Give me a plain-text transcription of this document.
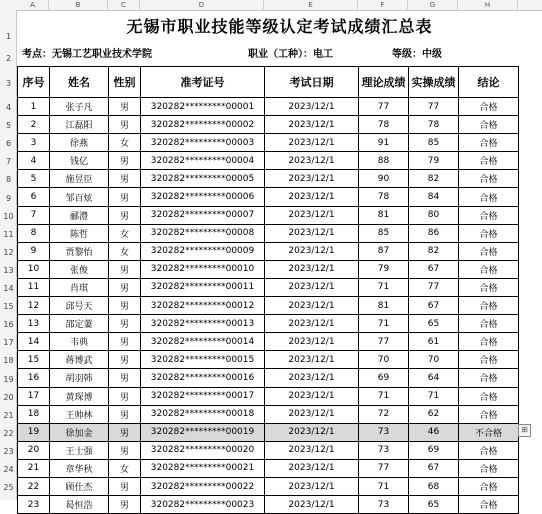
A	B	C	D	E	F	G	H
1
2
3
4
5
6
7
8
9
10
11
12
13
14
15
16
17
18
19
20
21
22
23
24
25
无锡市职业技能等级认定考试成绩汇总表
考点：无锡工艺职业技术学院	职业（工种）：电工	等级：中级
序号	姓名	性别	准考证号	考试日期	理论成绩	实操成绩	结论
1	张子凡	男	320282*********00001	2023/12/1	77	77	合格
2	江磊阳	男	320282*********00002	2023/12/1	78	78	合格
3	徐燕	女	320282*********00003	2023/12/1	91	85	合格
4	钱亿	男	320282*********00004	2023/12/1	88	79	合格
5	施昱臣	男	320282*********00005	2023/12/1	90	82	合格
6	邹百炫	男	320282*********00006	2023/12/1	78	84	合格
7	郦澧	男	320282*********00007	2023/12/1	81	80	合格
8	陈哲	女	320282*********00008	2023/12/1	85	86	合格
9	贾黎怡	女	320282*********00009	2023/12/1	87	82	合格
10	张俊	男	320282*********00010	2023/12/1	79	67	合格
11	肖琪	男	320282*********00011	2023/12/1	71	77	合格
12	邱号天	男	320282*********00012	2023/12/1	81	67	合格
13	邵定萋	男	320282*********00013	2023/12/1	71	65	合格
14	韦典	男	320282*********00014	2023/12/1	77	61	合格
15	蒋博武	男	320282*********00015	2023/12/1	70	70	合格
16	胡羽韩	男	320282*********00016	2023/12/1	69	64	合格
17	黄琛博	男	320282*********00017	2023/12/1	71	71	合格
18	王帅林	男	320282*********00018	2023/12/1	72	62	合格
19	徐加金	男	320282*********00019	2023/12/1	73	46	不合格
20	王士强	男	320282*********00020	2023/12/1	73	69	合格
21	章华秋	女	320282*********00021	2023/12/1	77	67	合格
22	顾仕杰	男	320282*********00022	2023/12/1	71	68	合格
23	曷恒浩	男	320282*********00023	2023/12/1	73	65	合格
⊞
